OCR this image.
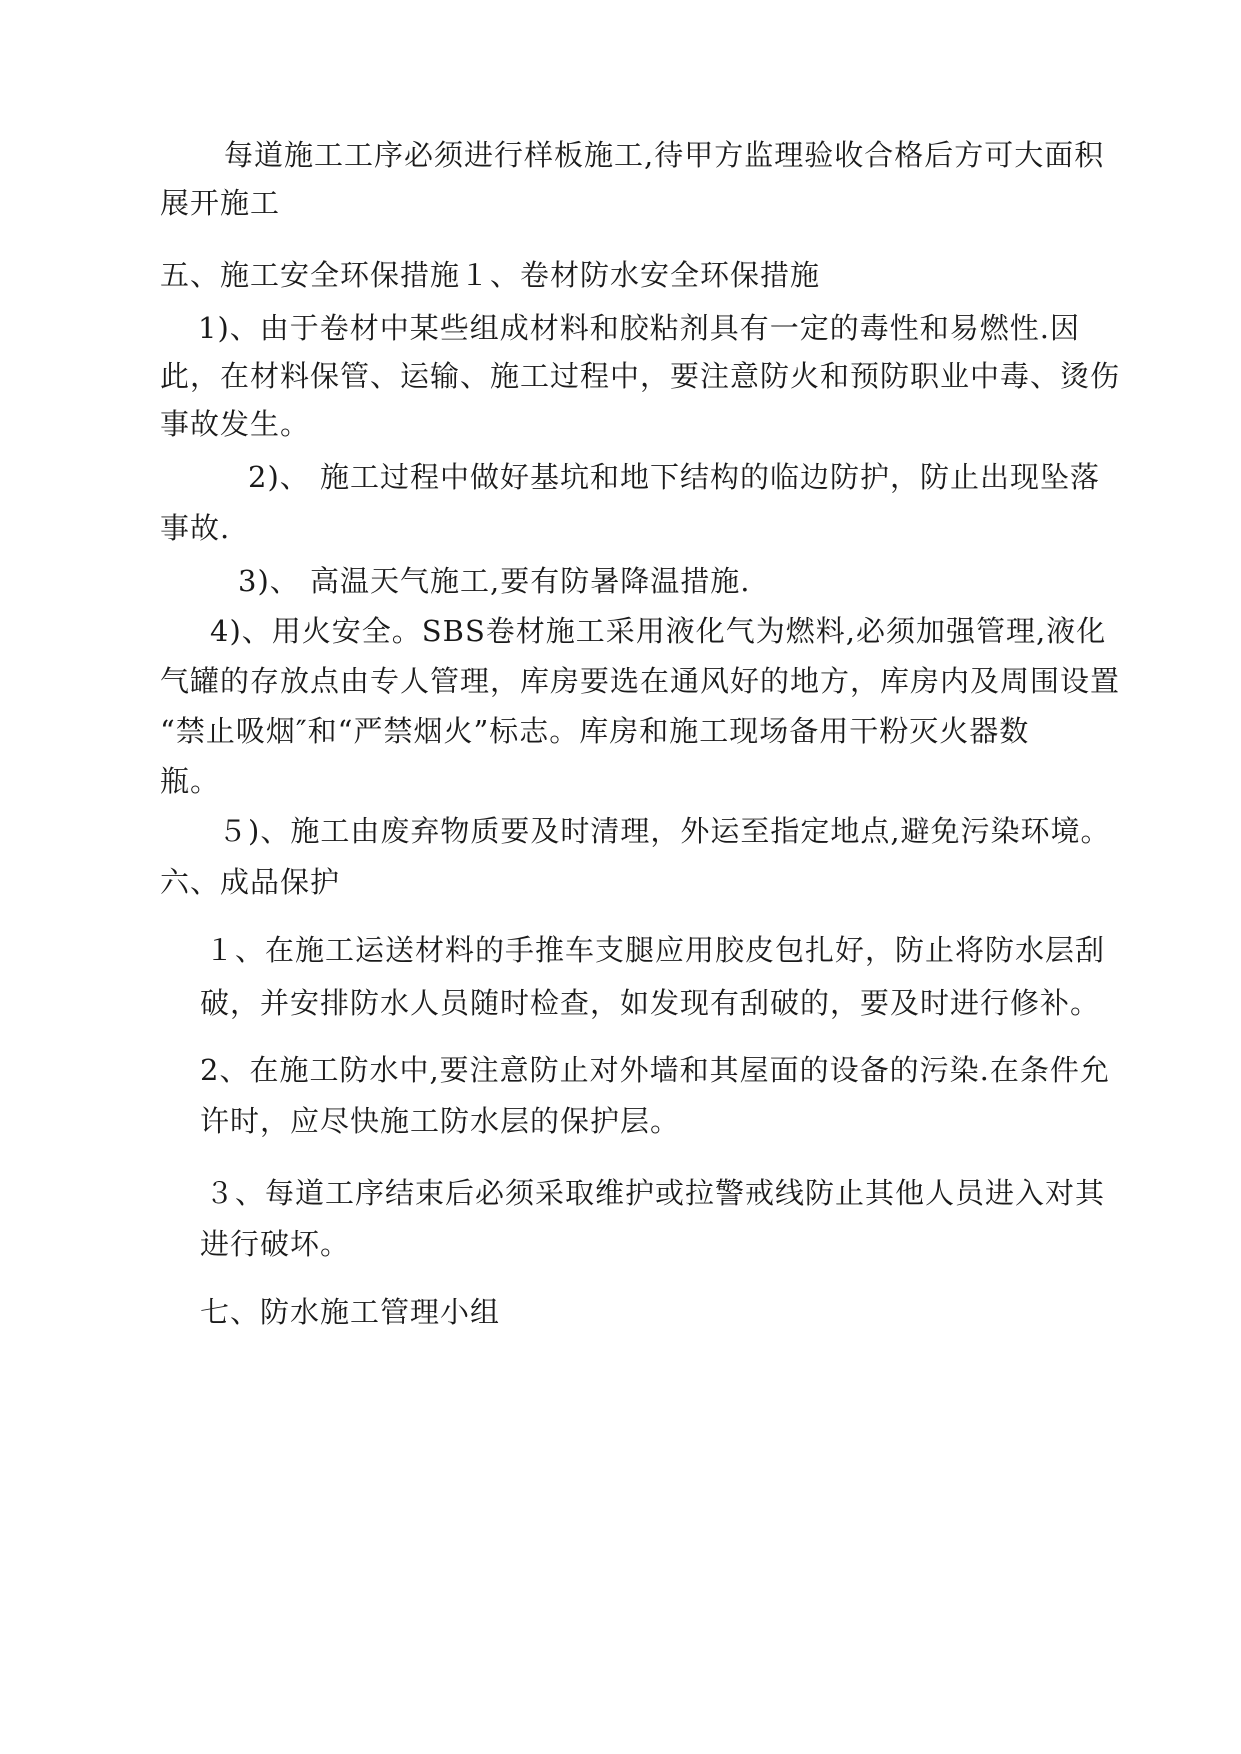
每道施工工序必须进行样板施工,待甲方监理验收合格后方可大面积
展开施工
五、施工安全环保措施１、卷材防水安全环保措施
1)、由于卷材中某些组成材料和胶粘剂具有一定的毒性和易燃性.因
此，在材料保管、运输、施工过程中，要注意防火和预防职业中毒、烫伤
事故发生。
2)、 施工过程中做好基坑和地下结构的临边防护，防止出现坠落
事故.
3)、 高温天气施工,要有防暑降温措施.
4)、用火安全。SBS卷材施工采用液化气为燃料,必须加强管理,液化
气罐的存放点由专人管理，库房要选在通风好的地方，库房内及周围设置
“禁止吸烟″和“严禁烟火”标志。库房和施工现场备用干粉灭火器数
瓶。
５)、施工由废弃物质要及时清理，外运至指定地点,避免污染环境。
六、成品保护
１、在施工运送材料的手推车支腿应用胶皮包扎好，防止将防水层刮
破，并安排防水人员随时检查，如发现有刮破的，要及时进行修补。
2、在施工防水中,要注意防止对外墙和其屋面的设备的污染.在条件允
许时，应尽快施工防水层的保护层。
３、每道工序结束后必须采取维护或拉警戒线防止其他人员进入对其
进行破坏。
七、防水施工管理小组
